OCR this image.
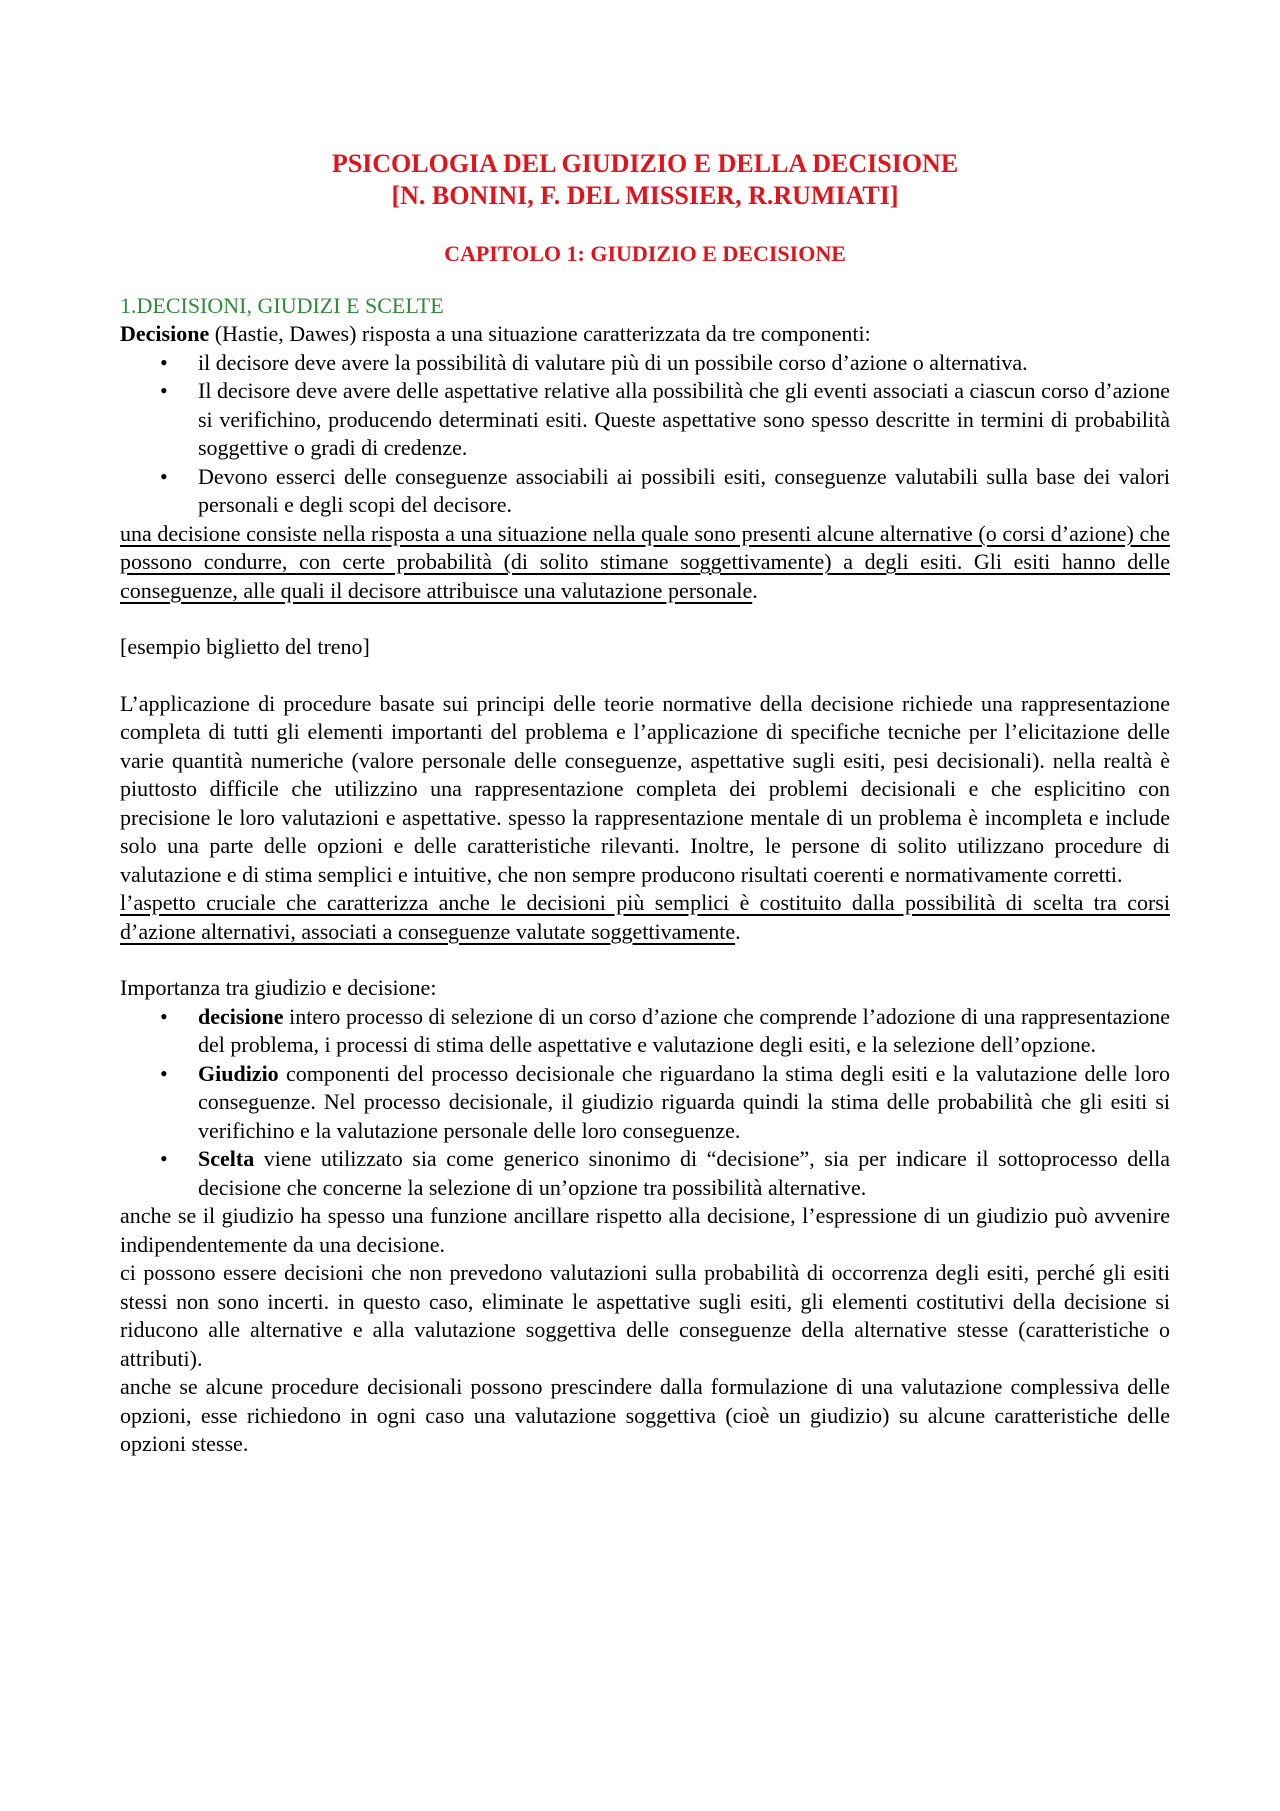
PSICOLOGIA DEL GIUDIZIO E DELLA DECISIONE

[N. BONINI, F. DEL MISSIER, R.RUMIATI]

CAPITOLO 1: GIUDIZIO E DECISIONE

1.DECISIONI, GIUDIZI E SCELTE

Decisione (Hastie, Dawes) risposta a una situazione caratterizzata da tre componenti:

• il decisore deve avere la possibilità di valutare più di un possibile corso d’azione o alternativa.
• Il decisore deve avere delle aspettative relative alla possibilità che gli eventi associati a ciascun corso d’azione si verifichino, producendo determinati esiti. Queste aspettative sono spesso descritte in termini di probabilità soggettive o gradi di credenze.
• Devono esserci delle conseguenze associabili ai possibili esiti, conseguenze valutabili sulla base dei valori personali e degli scopi del decisore.

una decisione consiste nella risposta a una situazione nella quale sono presenti alcune alternative (o corsi d’azione) che possono condurre, con certe probabilità (di solito stimane soggettivamente) a degli esiti. Gli esiti hanno delle conseguenze, alle quali il decisore attribuisce una valutazione personale.

[esempio biglietto del treno]

L’applicazione di procedure basate sui principi delle teorie normative della decisione richiede una rappresentazione completa di tutti gli elementi importanti del problema e l’applicazione di specifiche tecniche per l’elicitazione delle varie quantità numeriche (valore personale delle conseguenze, aspettative sugli esiti, pesi decisionali). nella realtà è piuttosto difficile che utilizzino una rappresentazione completa dei problemi decisionali e che esplicitino con precisione le loro valutazioni e aspettative. spesso la rappresentazione mentale di un problema è incompleta e include solo una parte delle opzioni e delle caratteristiche rilevanti. Inoltre, le persone di solito utilizzano procedure di valutazione e di stima semplici e intuitive, che non sempre producono risultati coerenti e normativamente corretti.

l’aspetto cruciale che caratterizza anche le decisioni più semplici è costituito dalla possibilità di scelta tra corsi d’azione alternativi, associati a conseguenze valutate soggettivamente.

Importanza tra giudizio e decisione:

• decisione intero processo di selezione di un corso d’azione che comprende l’adozione di una rappresentazione del problema, i processi di stima delle aspettative e valutazione degli esiti, e la selezione dell’opzione.
• Giudizio componenti del processo decisionale che riguardano la stima degli esiti e la valutazione delle loro conseguenze. Nel processo decisionale, il giudizio riguarda quindi la stima delle probabilità che gli esiti si verifichino e la valutazione personale delle loro conseguenze.
• Scelta viene utilizzato sia come generico sinonimo di “decisione”, sia per indicare il sottoprocesso della decisione che concerne la selezione di un’opzione tra possibilità alternative.

anche se il giudizio ha spesso una funzione ancillare rispetto alla decisione, l’espressione di un giudizio può avvenire indipendentemente da una decisione.

ci possono essere decisioni che non prevedono valutazioni sulla probabilità di occorrenza degli esiti, perché gli esiti stessi non sono incerti. in questo caso, eliminate le aspettative sugli esiti, gli elementi costitutivi della decisione si riducono alle alternative e alla valutazione soggettiva delle conseguenze della alternative stesse (caratteristiche o attributi).

anche se alcune procedure decisionali possono prescindere dalla formulazione di una valutazione complessiva delle opzioni, esse richiedono in ogni caso una valutazione soggettiva (cioè un giudizio) su alcune caratteristiche delle opzioni stesse.
